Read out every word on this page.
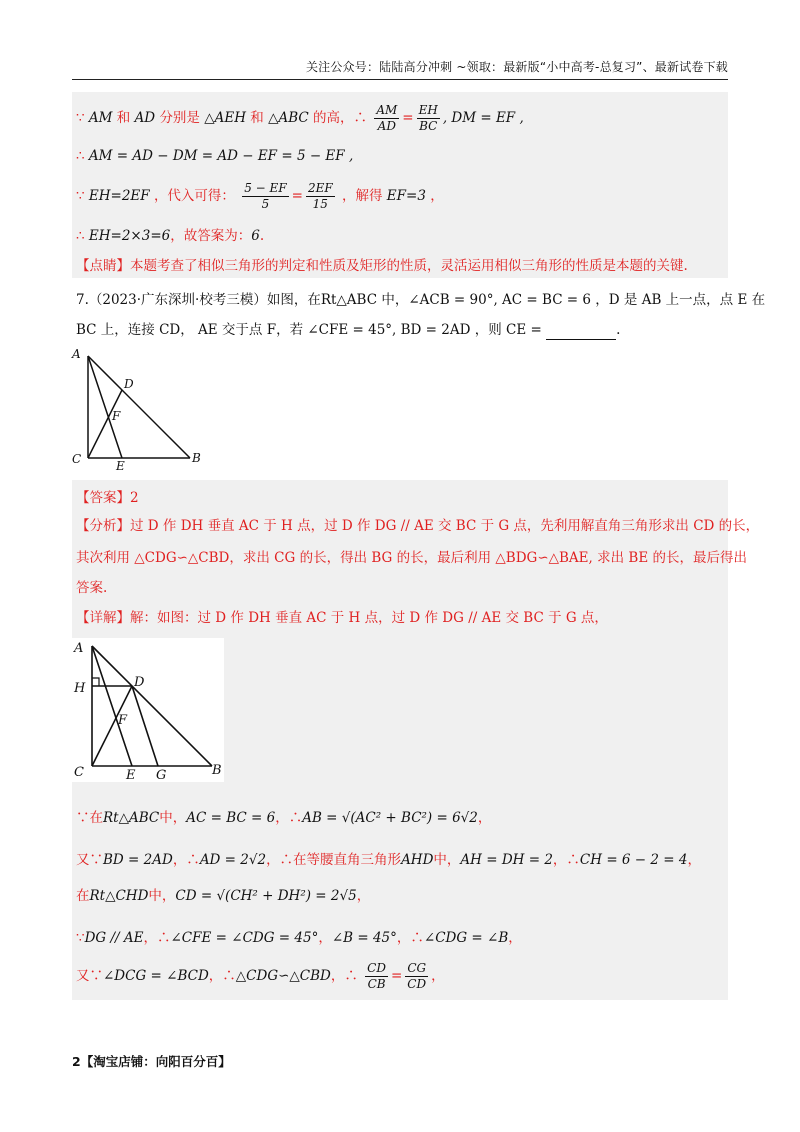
关注公众号：陆陆高分冲刺 ~领取：最新版“小中高考-总复习”、最新试卷下载
∵ AM 和 AD 分别是 △AEH 和 △ABC 的高，∴ $\frac{AM}{AD} = \frac{EH}{BC}$ , DM = EF ,
∴ AM = AD − DM = AD − EF = 5 − EF ,
∵ EH=2EF ，代入可得： $\frac{5 - EF}{5} = \frac{2EF}{15}$ ，解得 EF=3 ，
∴ EH=2×3=6，故答案为：6.
【点睛】本题考查了相似三角形的判定和性质及矩形的性质，灵活运用相似三角形的性质是本题的关键.
7.（2023·广东深圳·校考三模）如图，在Rt△ABC 中，∠ACB = 90°, AC = BC = 6 ，D 是 AB 上一点，点 E 在
BC 上，连接 CD， AE 交于点 F，若 ∠CFE = 45°, BD = 2AD ，则 CE =	.
A
D
F
C	E
B
【答案】2
【分析】过 D 作 DH 垂直 AC 于 H 点，过 D 作 DG // AE 交 BC 于 G 点，先利用解直角三角形求出 CD 的长，
其次利用 △CDG∽△CBD，求出 CG 的长，得出 BG 的长，最后利用 △BDG∽△BAE, 求出 BE 的长，最后得出
答案.
【详解】解：如图：过 D 作 DH 垂直 AC 于 H 点，过 D 作 DG // AE 交 BC 于 G 点，
A
H	D
F
C	E G	B
∵在Rt△ABC中，AC = BC = 6，∴AB = √(AC² + BC²) = 6√2，
又∵BD = 2AD，∴AD = 2√2，∴在等腰直角三角形AHD中，AH = DH = 2，∴CH = 6 − 2 = 4，
在Rt△CHD中，CD = √(CH² + DH²) = 2√5，
∵DG // AE，∴∠CFE = ∠CDG = 45°，∠B = 45°，∴∠CDG = ∠B，
又∵∠DCG = ∠BCD，∴△CDG∽△CBD，∴ $\frac{CD}{CB} = \frac{CG}{CD}$ ，
2【淘宝店铺：向阳百分百】
